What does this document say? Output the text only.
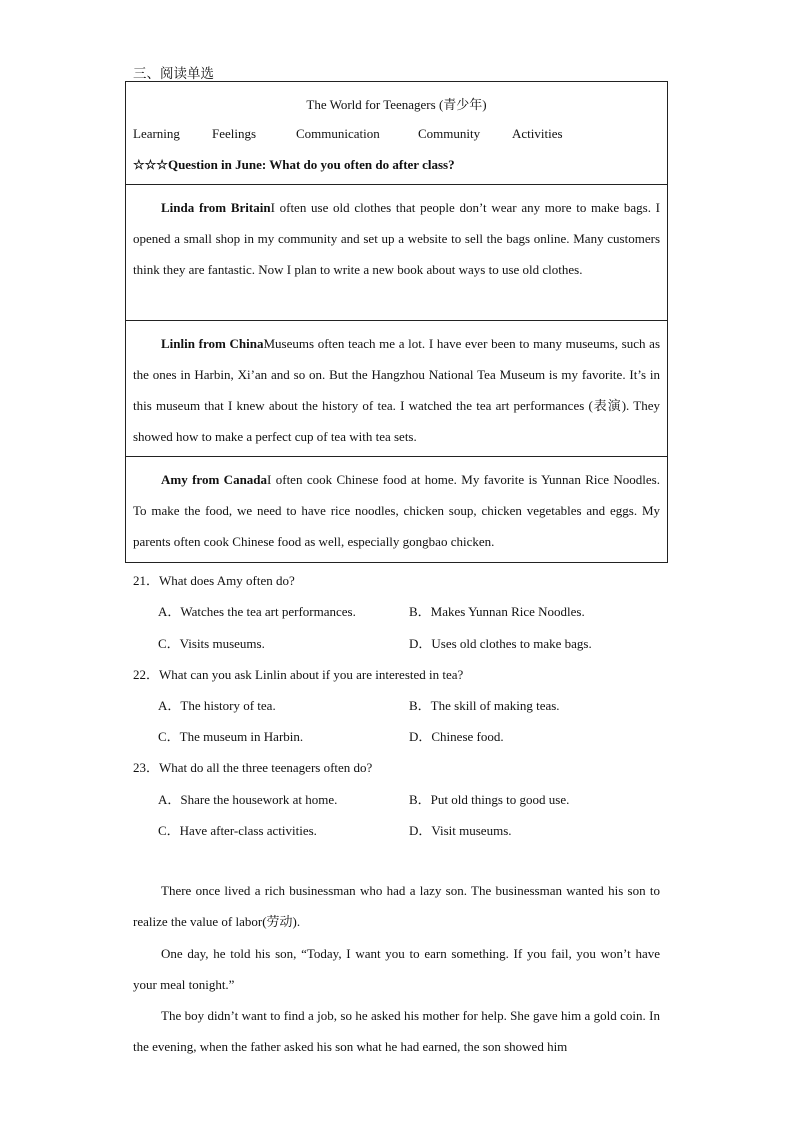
三、阅读单选
The World for Teenagers (青少年)
Learning Feelings	Communication	Community Activities
☆☆☆Question in June: What do you often do after class?
Linda from BritainI often use old clothes that people don’t wear any more to make bags. I opened a small shop in my community and set up a website to sell the bags online. Many customers think they are fantastic. Now I plan to write a new book about ways to use old clothes.
Linlin from ChinaMuseums often teach me a lot. I have ever been to many museums, such as the ones in Harbin, Xi’an and so on. But the Hangzhou National Tea Museum is my favorite. It’s in this museum that I knew about the history of tea. I watched the tea art performances (表演). They showed how to make a perfect cup of tea with tea sets.
Amy from CanadaI often cook Chinese food at home. My favorite is Yunnan Rice Noodles. To make the food, we need to have rice noodles, chicken soup, chicken vegetables and eggs. My parents often cook Chinese food as well, especially gongbao chicken.
21．What does Amy often do?
A．Watches the tea art performances.	B．Makes Yunnan Rice Noodles.
C．Visits museums.	D．Uses old clothes to make bags.
22．What can you ask Linlin about if you are interested in tea?
A．The history of tea.	B．The skill of making teas.
C．The museum in Harbin.	D．Chinese food.
23．What do all the three teenagers often do?
A．Share the housework at home.	B．Put old things to good use.
C．Have after-class activities.	D．Visit museums.
There once lived a rich businessman who had a lazy son. The businessman wanted his son to realize the value of labor(劳动).
One day, he told his son, “Today, I want you to earn something. If you fail, you won’t have your meal tonight.”
The boy didn’t want to find a job, so he asked his mother for help. She gave him a gold coin. In the evening, when the father asked his son what he had earned, the son showed him
